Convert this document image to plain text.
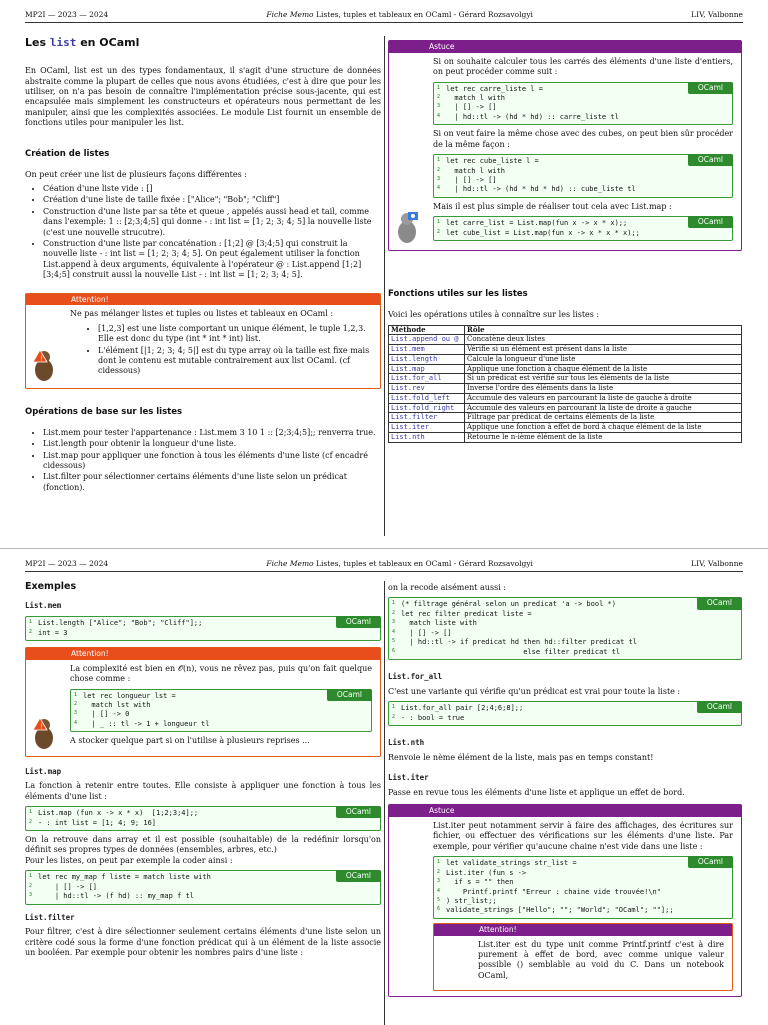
MP2I — 2023 — 2024	Fiche Memo Listes, tuples et tableaux en OCaml - Gérard Rozsavolgyi	LIV, Valbonne
Les list en OCaml

En OCaml, list est un des types fondamentaux, il s'agit d'une structure de données abstraite comme la plupart de celles que nous avons étudiées, c'est à dire que pour les utiliser, on n'a pas besoin de connaître l'implémentation précise sous-jacente, qui est encapsulée mais simplement les constructeurs et opérateurs nous permettant de les manipuler, ainsi que les complexités associées. Le module List fournit un ensemble de fonctions utiles pour manipuler les list.

Création de listes

On peut créer une list de plusieurs façons différentes :

• Céation d'une liste vide : []
• Création d'une liste de taille fixée : ["Alice"; "Bob"; "Cliff"]
• Construction d'une liste par sa tête et queue , appelés aussi head et tail, comme dans l'exemple: 1 :: [2;3;4;5] qui donne - : int list = [1; 2; 3; 4; 5] la nouvelle liste (c'est une nouvelle strucutre).
• Construction d'une liste par concaténation : [1;2] @ [3;4;5] qui construit la nouvelle liste - : int list = [1; 2; 3; 4; 5]. On peut également utiliser la fonction List.append à deux arguments, équivalente à l'opérateur @ : List.append [1;2] [3;4;5] construit aussi la nouvelle List - : int list = [1; 2; 3; 4; 5].
Attention!

Ne pas mélanger listes et tuples ou listes et tableaux en OCaml :

• [1,2,3] est une liste comportant un unique élément, le tuple 1,2,3. Elle est donc du type (int * int * int) list.
• L'élément [|1; 2; 3; 4; 5|] est du type array où la taille est fixe mais dont le contenu est mutable contrairement aux list OCaml. (cf cidessous)
!
Opérations de base sur les listes
• List.mem pour tester l'appartenance : List.mem 3 10 1 :: [2;3;4;5];; renverra true.
• List.length pour obtenir la longueur d'une liste.
• List.map pour appliquer une fonction à tous les éléments d'une liste (cf encadré cidessous)
• List.filter pour sélectionner certains éléments d'une liste selon un prédicat (fonction).
Astuce

Si on souhaite calculer tous les carrés des éléments d'une liste d'entiers, on peut procéder comme suit :

OCaml
1 let rec carre_liste l =
2 match l with
3 | [] -> []
4 | hd::tl -> (hd * hd) :: carre_liste tl

Si on veut faire la même chose avec des cubes, on peut bien sûr procéder de la même façon :

OCaml
1 let rec cube_liste l =
2 match l with
3 | [] -> []
4 | hd::tl -> (hd * hd * hd) :: cube_liste tl

Mais il est plus simple de réaliser tout cela avec List.map :

OCaml
1 let carre_list = List.map(fun x -> x * x);;
2 let cube_list = List.map(fun x -> x * x * x);;
Fonctions utiles sur les listes

Voici les opérations utiles à connaître sur les listes :

Méthode	Rôle
List.append ou @	Concatène deux listes
List.mem	Vérifie si un élément est présent dans la liste
List.length	Calcule la longueur d'une liste
List.map	Applique une fonction à chaque élément de la liste
List.for_all	Si un prédicat est vérifié sur tous les éléments de la liste
List.rev	Inverse l'ordre des éléments dans la liste
List.fold_left	Accumule des valeurs en parcourant la liste de gauche à droite
List.fold_right	Accumule des valeurs en parcourant la liste de droite à gauche
List.filter	Filtrage par prédicat de certains éléments de la liste
List.iter	Applique une fonction à effet de bord à chaque élément de la liste
List.nth	Retourne le n-ième élément de la liste
MP2I — 2023 — 2024	Fiche Memo Listes, tuples et tableaux en OCaml - Gérard Rozsavolgyi	LIV, Valbonne
Exemples
List.mem
OCaml
1 List.length ["Alice"; "Bob"; "Cliff"];;
2 int = 3
Attention!

La complexité est bien en 𝒪(n), vous ne rêvez pas, puis qu'on fait quelque chose comme :

OCaml
1 let rec longueur lst =
2 match lst with
3 | [] -> 0
4 | _ :: tl -> 1 + longueur tl

A stocker quelque part si on l'utilise à plusieurs reprises ...

!
List.map

La fonction à retenir entre toutes. Elle consiste à appliquer une fonction à tous les éléments d'une list :

OCaml
1 List.map (fun x -> x * x)  [1;2;3;4];;
2 - : int list = [1; 4; 9; 16]

On la retrouve dans array et il est possible (souhaitable) de la redéfinir lorsqu'on définit ses propres types de données (ensembles, arbres, etc.)

Pour les listes, on peut par exemple la coder ainsi :

OCaml
1 let rec my_map f liste = match liste with
2 | [] -> []
3 | hd::tl -> (f hd) :: my_map f tl
List.filter

Pour filtrer, c'est à dire sélectionner seulement certains éléments d'une liste selon un critère codé sous la forme d'une fonction prédicat qui à un élément de la liste associe un booléen. Par exemple pour obtenir les nombres pairs d'une liste :

on la recode aisément aussi :

OCaml
1 (* filtrage général selon un predicat 'a -> bool *)
2 let rec filter predicat liste =
3 match liste with
4 | [] -> []
5 | hd::tl -> if predicat hd then hd::filter predicat tl
6 else filter predicat tl
List.for_all

C'est une variante qui vérifie qu'un prédicat est vrai pour toute la liste :

OCaml
1 List.for_all pair [2;4;6;8];;
2 - : bool = true
List.nth

Renvoie le nème élément de la liste, mais pas en temps constant!

List.iter

Passe en revue tous les éléments d'une liste et applique un effet de bord.

Astuce

List.iter peut notamment servir à faire des affichages, des écritures sur fichier, ou effectuer des vérifications sur les éléments d'une liste. Par exemple, pour vérifier qu'aucune chaine n'est vide dans une liste :

OCaml
1 let validate_strings str_list =
2 List.iter (fun s ->
3 if s = "" then
4 Printf.printf "Erreur : chaine vide trouvée!\n"
5 ) str_list;;
6 validate_strings ["Hello"; ""; "World"; "OCaml"; ""];;
Attention!

List.iter est du type unit comme Printf.printf c'est à dire purement à effet de bord, avec comme unique valeur possible () semblable au void du C. Dans un notebook OCaml,
